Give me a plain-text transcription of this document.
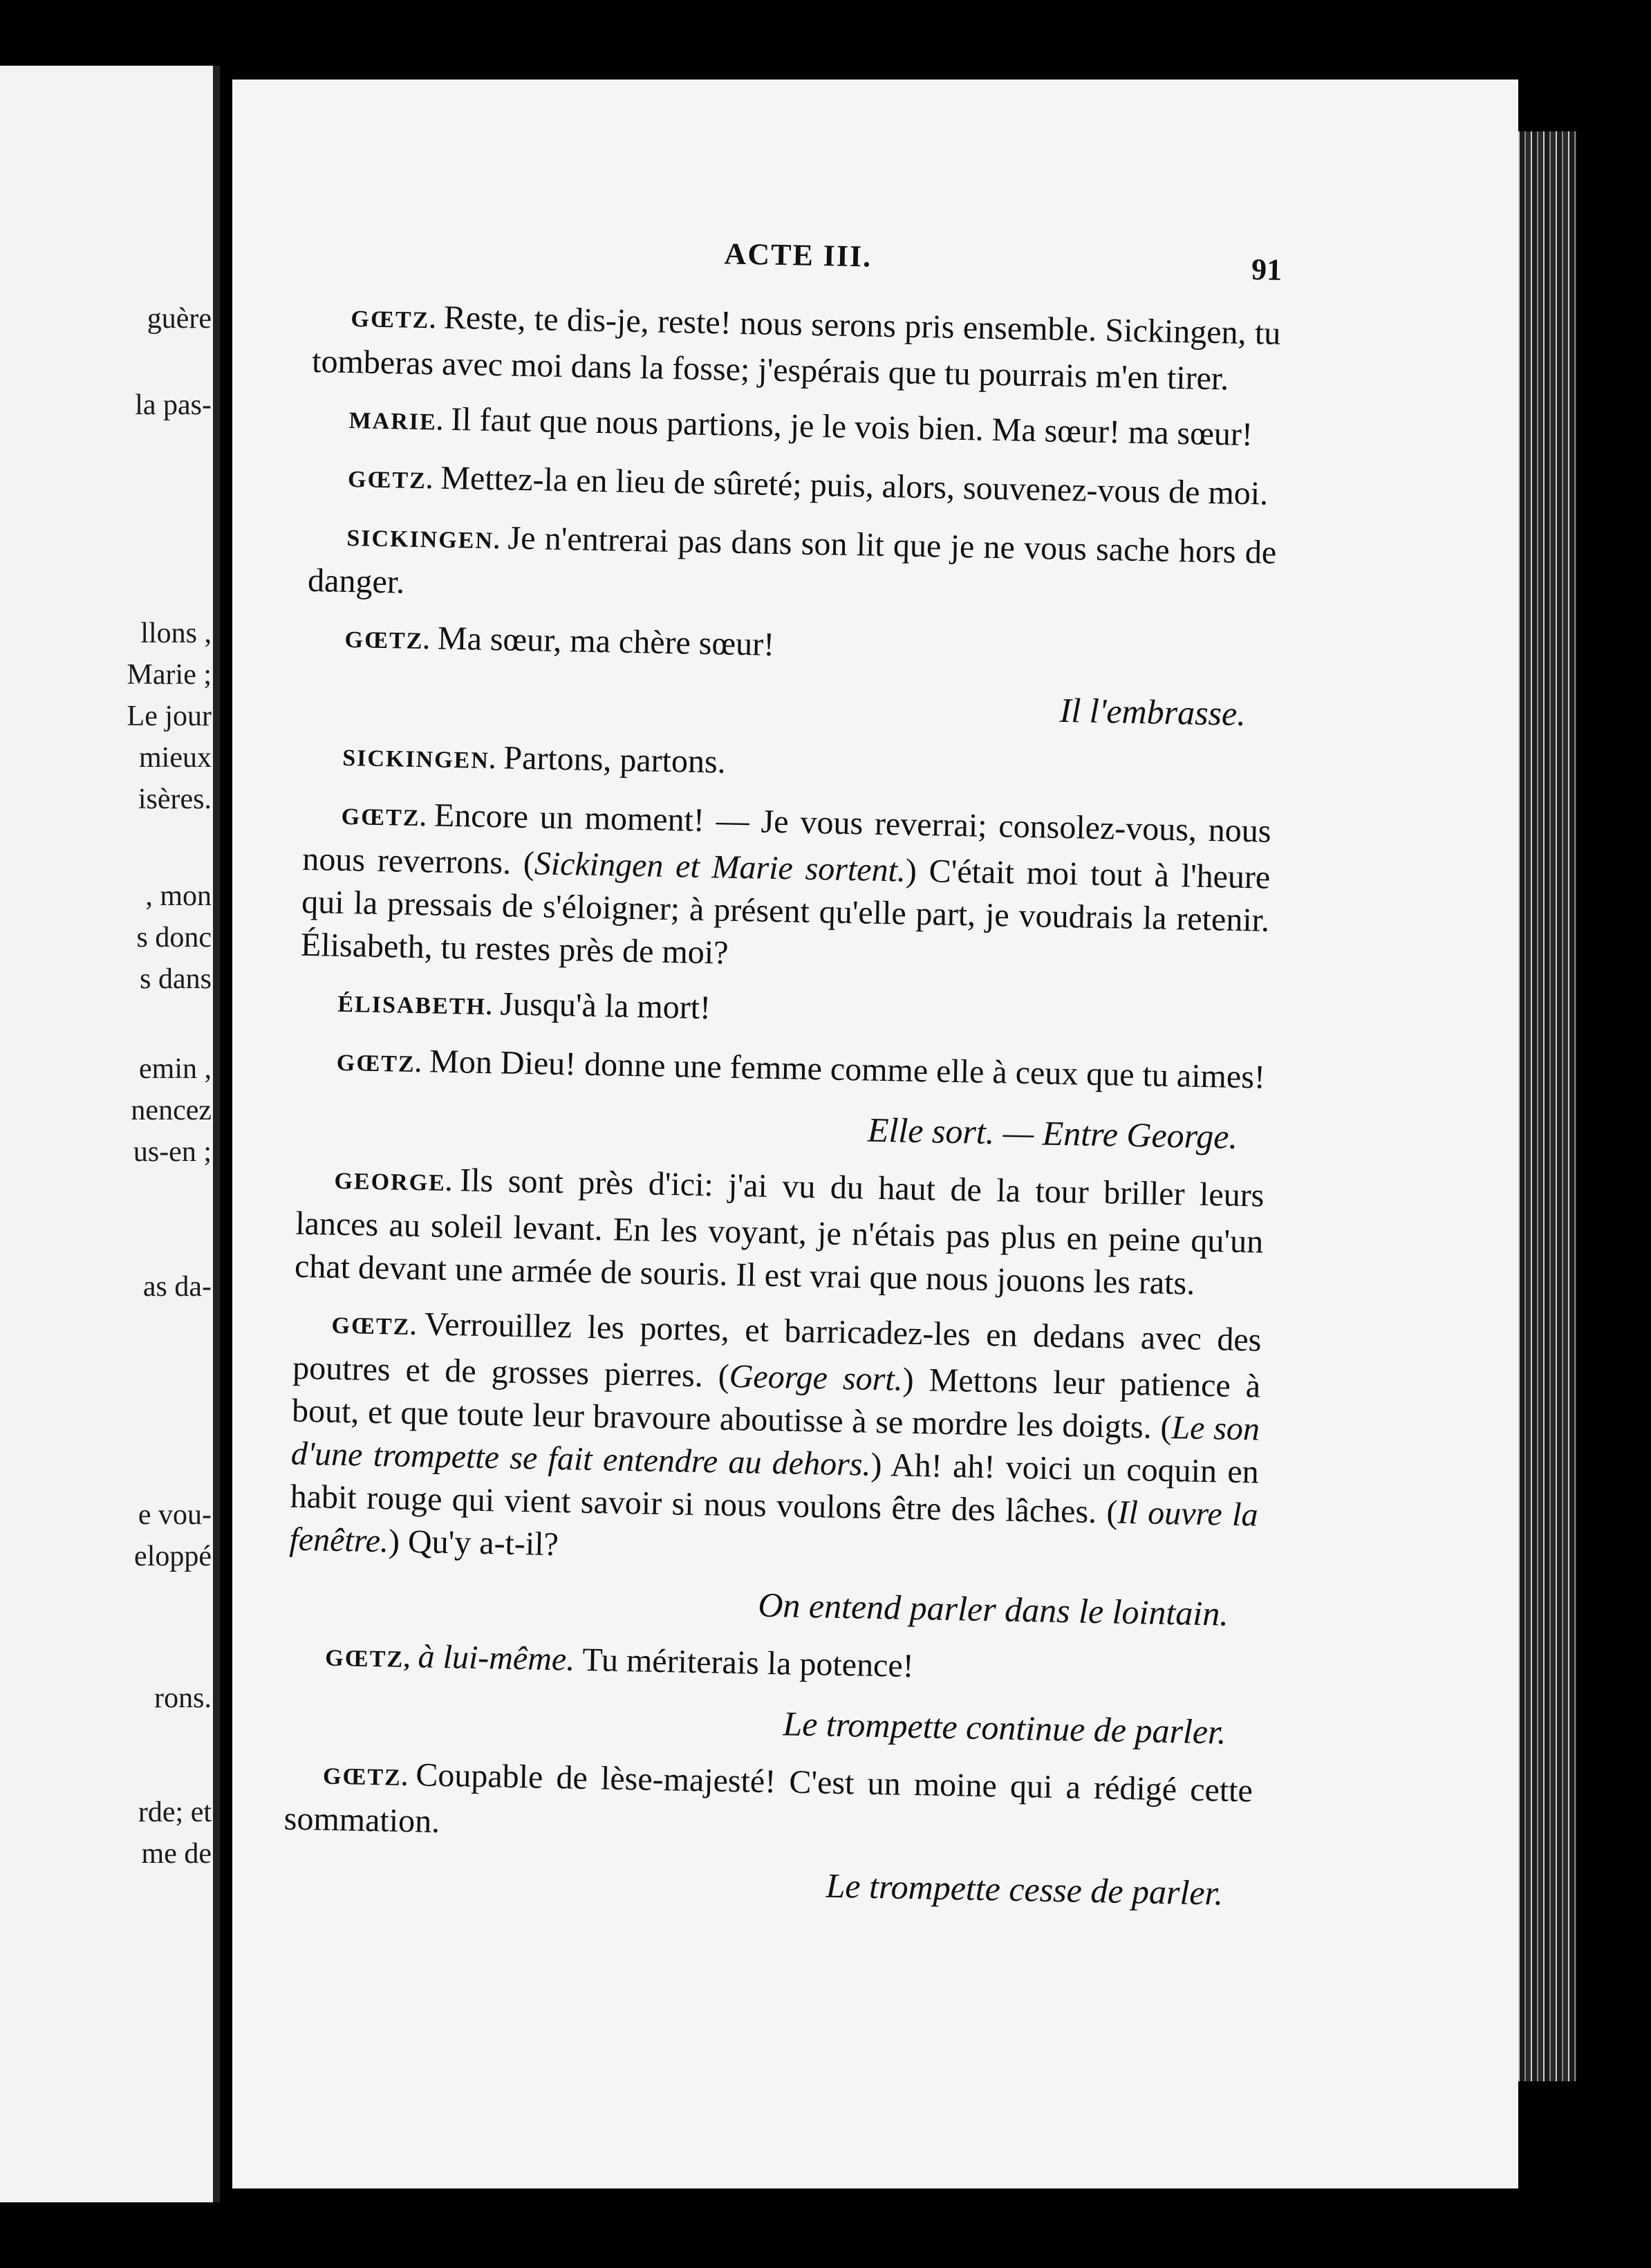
guère
la pas-
llons ,
Marie ;
Le jour
mieux
isères.
, mon
s donc
s dans
emin ,
nencez
us-en ;
as da-
e vou-
eloppé
rons.
rde; et
me de
ACTE III.	91

GŒTZ. Reste, te dis-je, reste! nous serons pris ensemble. Sickingen, tu tomberas avec moi dans la fosse; j'espérais que tu pourrais m'en tirer.

MARIE. Il faut que nous partions, je le vois bien. Ma sœur! ma sœur!

GŒTZ. Mettez-la en lieu de sûreté; puis, alors, souvenez-vous de moi.

SICKINGEN. Je n'entrerai pas dans son lit que je ne vous sache hors de danger.

GŒTZ. Ma sœur, ma chère sœur!

Il l'embrasse.

SICKINGEN. Partons, partons.

GŒTZ. Encore un moment! — Je vous reverrai; consolez-vous, nous nous reverrons. (Sickingen et Marie sortent.) C'était moi tout à l'heure qui la pressais de s'éloigner; à présent qu'elle part, je voudrais la retenir. Élisabeth, tu restes près de moi?

ÉLISABETH. Jusqu'à la mort!

GŒTZ. Mon Dieu! donne une femme comme elle à ceux que tu aimes!

Elle sort. — Entre George.

GEORGE. Ils sont près d'ici: j'ai vu du haut de la tour briller leurs lances au soleil levant. En les voyant, je n'étais pas plus en peine qu'un chat devant une armée de souris. Il est vrai que nous jouons les rats.

GŒTZ. Verrouillez les portes, et barricadez-les en dedans avec des poutres et de grosses pierres. (George sort.) Mettons leur patience à bout, et que toute leur bravoure aboutisse à se mordre les doigts. (Le son d'une trompette se fait entendre au dehors.) Ah! ah! voici un coquin en habit rouge qui vient savoir si nous voulons être des lâches. (Il ouvre la fenêtre.) Qu'y a-t-il?

On entend parler dans le lointain.

GŒTZ, à lui-même. Tu mériterais la potence!

Le trompette continue de parler.

GŒTZ. Coupable de lèse-majesté! C'est un moine qui a rédigé cette sommation.

Le trompette cesse de parler.
